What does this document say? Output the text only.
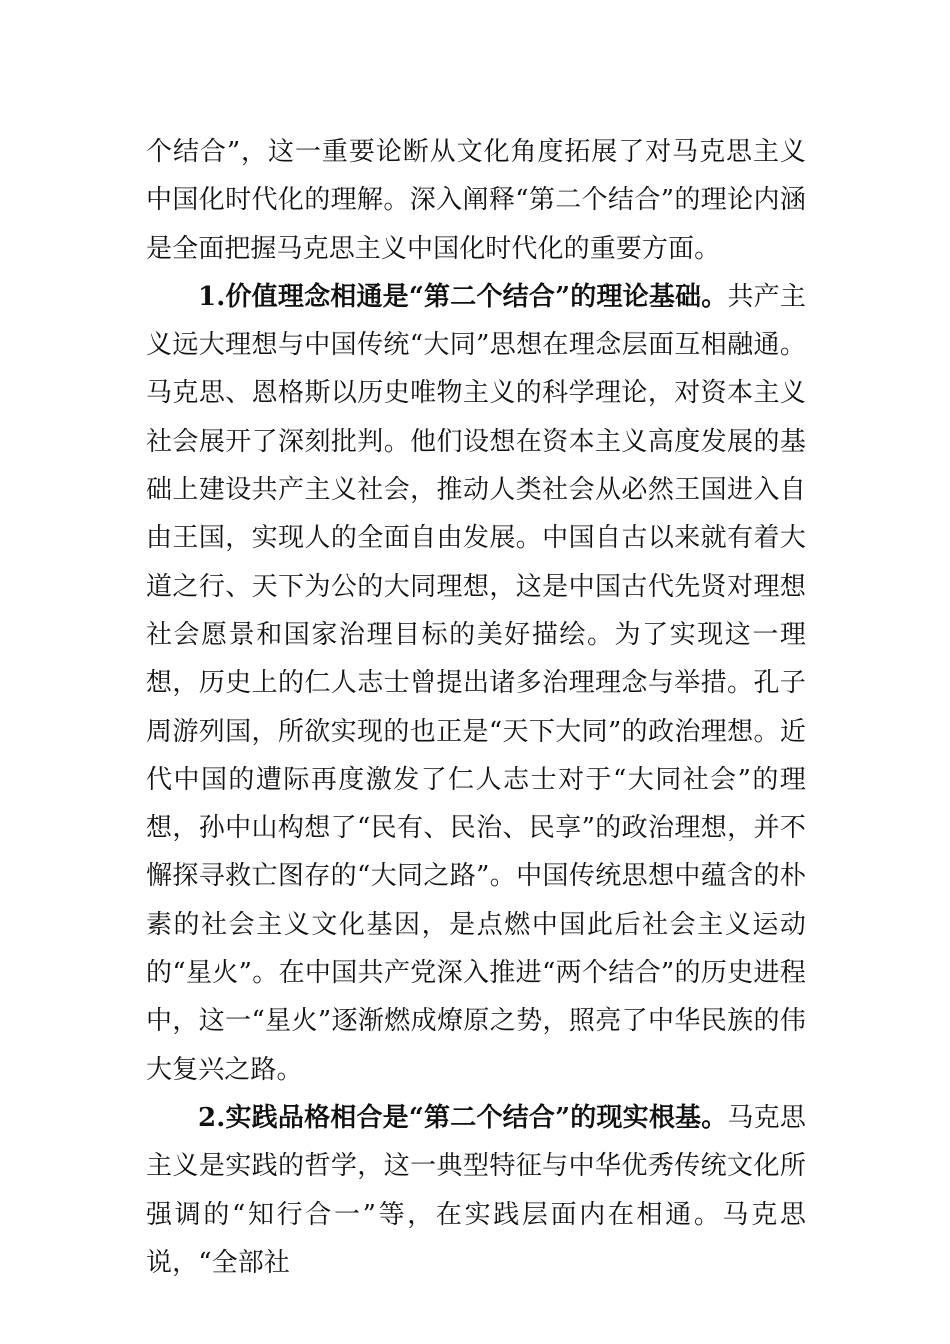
个结合”，这一重要论断从文化角度拓展了对马克思主义中国化时代化的理解。深入阐释“第二个结合”的理论内涵是全面把握马克思主义中国化时代化的重要方面。

1.价值理念相通是“第二个结合”的理论基础。共产主义远大理想与中国传统“大同”思想在理念层面互相融通。马克思、恩格斯以历史唯物主义的科学理论，对资本主义社会展开了深刻批判。他们设想在资本主义高度发展的基础上建设共产主义社会，推动人类社会从必然王国进入自由王国，实现人的全面自由发展。中国自古以来就有着大道之行、天下为公的大同理想，这是中国古代先贤对理想社会愿景和国家治理目标的美好描绘。为了实现这一理想，历史上的仁人志士曾提出诸多治理理念与举措。孔子周游列国，所欲实现的也正是“天下大同”的政治理想。近代中国的遭际再度激发了仁人志士对于“大同社会”的理想，孙中山构想了“民有、民治、民享”的政治理想，并不懈探寻救亡图存的“大同之路”。中国传统思想中蕴含的朴素的社会主义文化基因，是点燃中国此后社会主义运动的“星火”。在中国共产党深入推进“两个结合”的历史进程中，这一“星火”逐渐燃成燎原之势，照亮了中华民族的伟大复兴之路。

2.实践品格相合是“第二个结合”的现实根基。马克思主义是实践的哲学，这一典型特征与中华优秀传统文化所强调的“知行合一”等，在实践层面内在相通。马克思说，“全部社
